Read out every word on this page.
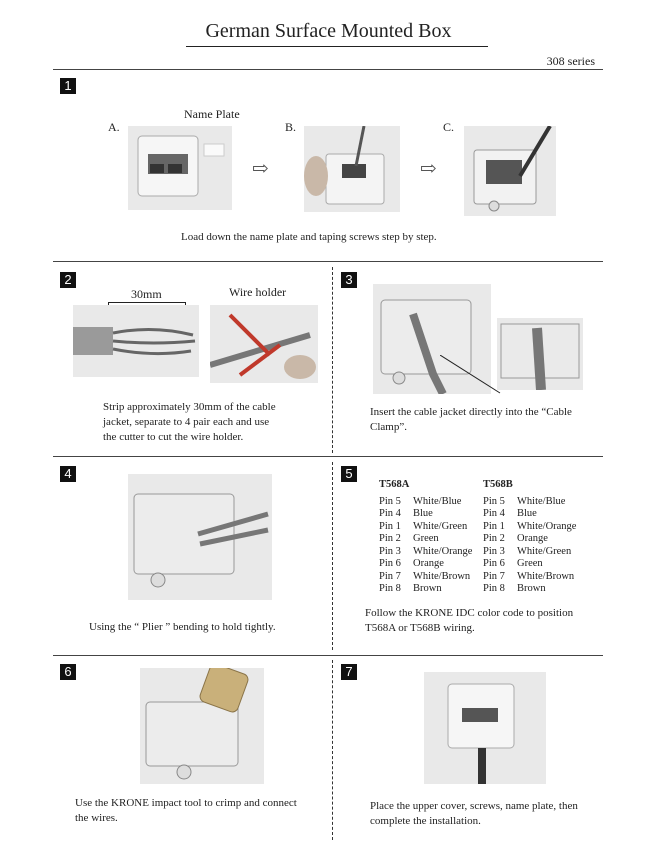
German Surface Mounted Box
308 series
1
A.
Name Plate
⇨
B.
⇨
C.
Load down the name plate and taping screws step by step.
2
30mm	Wire holder
Strip approximately 30mm of the cable
jacket, separate to 4 pair each and use
the cutter to cut the wire holder.
3
Insert the cable jacket directly into the “Cable
Clamp”.
4
Using the “ Plier ” bending to hold tightly.
5
T568A
Pin 5	White/Blue
Pin 4	Blue
Pin 1	White/Green
Pin 2	Green
Pin 3	White/Orange
Pin 6	Orange
Pin 7	White/Brown
Pin 8	Brown
T568B
Pin 5	White/Blue
Pin 4	Blue
Pin 1	White/Orange
Pin 2	Orange
Pin 3	White/Green
Pin 6	Green
Pin 7	White/Brown
Pin 8	Brown
Follow the KRONE IDC color code to position
T568A or T568B wiring.
6
Use the KRONE impact tool to crimp and connect
the wires.
7
Place the upper cover, screws, name plate, then
complete the installation.
